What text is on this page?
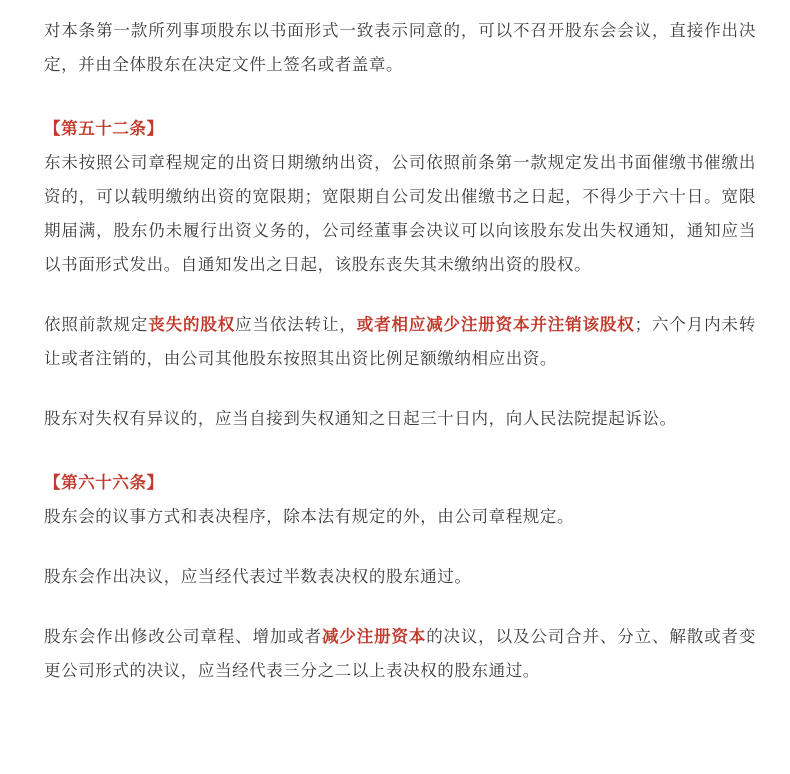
对本条第一款所列事项股东以书面形式一致表示同意的，可以不召开股东会会议，直接作出决定，并由全体股东在决定文件上签名或者盖章。

【第五十二条】

东未按照公司章程规定的出资日期缴纳出资，公司依照前条第一款规定发出书面催缴书催缴出资的，可以载明缴纳出资的宽限期；宽限期自公司发出催缴书之日起，不得少于六十日。宽限期届满，股东仍未履行出资义务的，公司经董事会决议可以向该股东发出失权通知，通知应当以书面形式发出。自通知发出之日起，该股东丧失其未缴纳出资的股权。

依照前款规定丧失的股权应当依法转让，或者相应减少注册资本并注销该股权；六个月内未转让或者注销的，由公司其他股东按照其出资比例足额缴纳相应出资。

股东对失权有异议的，应当自接到失权通知之日起三十日内，向人民法院提起诉讼。

【第六十六条】

股东会的议事方式和表决程序，除本法有规定的外，由公司章程规定。

股东会作出决议，应当经代表过半数表决权的股东通过。

股东会作出修改公司章程、增加或者减少注册资本的决议，以及公司合并、分立、解散或者变更公司形式的决议，应当经代表三分之二以上表决权的股东通过。
